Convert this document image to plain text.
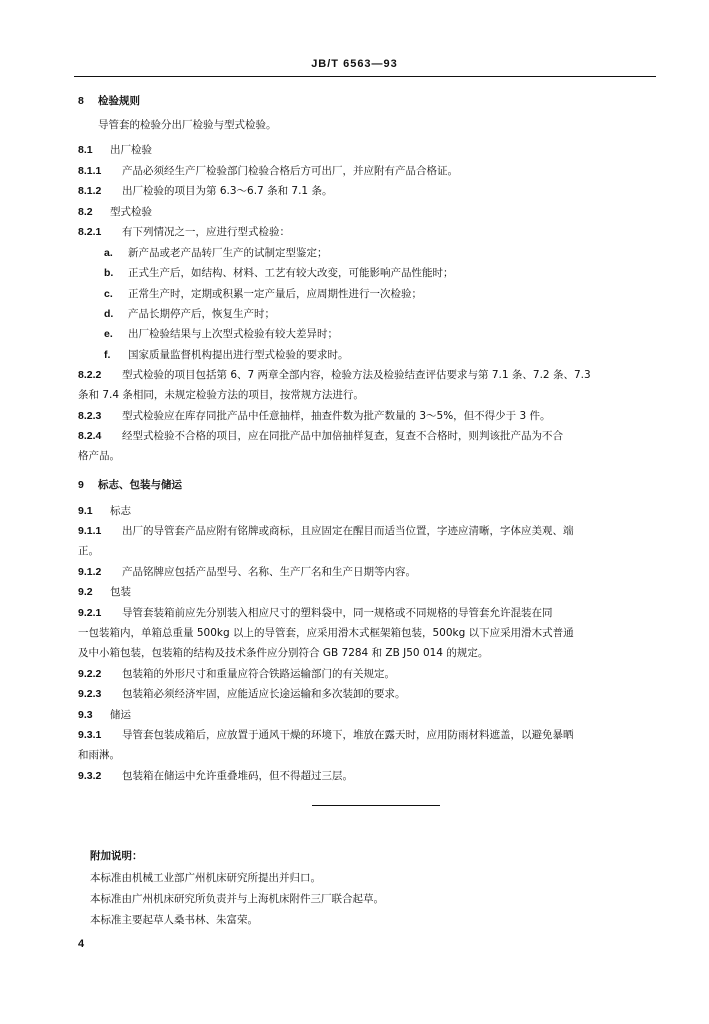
JB/T 6563—93
8 检验规则
导管套的检验分出厂检验与型式检验。
8.1 出厂检验
8.1.1 产品必须经生产厂检验部门检验合格后方可出厂，并应附有产品合格证。
8.1.2 出厂检验的项目为第 6.3～6.7 条和 7.1 条。
8.2 型式检验
8.2.1 有下列情况之一，应进行型式检验：
a. 新产品或老产品转厂生产的试制定型鉴定；
b. 正式生产后，如结构、材料、工艺有较大改变，可能影响产品性能时；
c. 正常生产时，定期或积累一定产量后，应周期性进行一次检验；
d. 产品长期停产后，恢复生产时；
e. 出厂检验结果与上次型式检验有较大差异时；
f. 国家质量监督机构提出进行型式检验的要求时。
8.2.2 型式检验的项目包括第 6、7 两章全部内容，检验方法及检验结查评估要求与第 7.1 条、7.2 条、7.3
条和 7.4 条相同，未规定检验方法的项目，按常规方法进行。
8.2.3 型式检验应在库存同批产品中任意抽样，抽查件数为批产数量的 3～5%，但不得少于 3 件。
8.2.4 经型式检验不合格的项目，应在同批产品中加倍抽样复查，复查不合格时，则判该批产品为不合
格产品。
9 标志、包装与储运
9.1 标志
9.1.1 出厂的导管套产品应附有铭牌或商标，且应固定在醒目而适当位置，字迹应清晰，字体应美观、端
正。
9.1.2 产品铭牌应包括产品型号、名称、生产厂名和生产日期等内容。
9.2 包装
9.2.1 导管套装箱前应先分别装入相应尺寸的塑料袋中，同一规格或不同规格的导管套允许混装在同
一包装箱内，单箱总重量 500kg 以上的导管套，应采用滑木式框架箱包装，500kg 以下应采用滑木式普通
及中小箱包装，包装箱的结构及技术条件应分别符合 GB 7284 和 ZB J50 014 的规定。
9.2.2 包装箱的外形尺寸和重量应符合铁路运输部门的有关规定。
9.2.3 包装箱必须经济牢固，应能适应长途运输和多次装卸的要求。
9.3 储运
9.3.1 导管套包装成箱后，应放置于通风干燥的环境下，堆放在露天时，应用防雨材料遮盖，以避免暴晒
和雨淋。
9.3.2 包装箱在储运中允许重叠堆码，但不得超过三层。
附加说明：
本标准由机械工业部广州机床研究所提出并归口。
本标准由广州机床研究所负责并与上海机床附件三厂联合起草。
本标准主要起草人桑书林、朱富荣。
4
